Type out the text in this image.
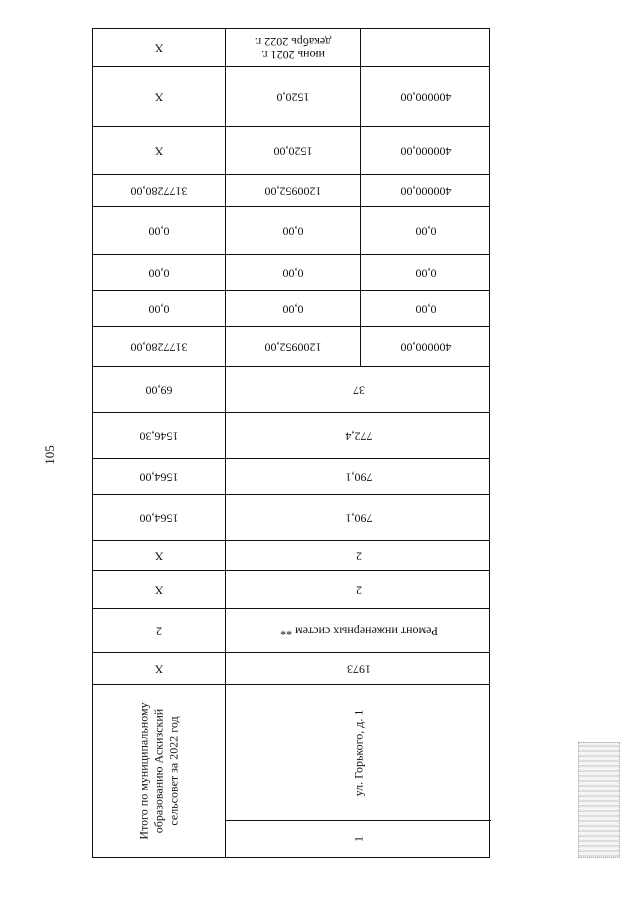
105
X	июнь 2021 г.
декабрь 2022 г.
X	1520,0	400000,00
X	1520,00	400000,00
3177280,00	1200952,00	400000,00
0,00	0,00	0,00
0,00	0,00	0,00
0,00	0,00	0,00
3177280,00	1200952,00	400000,00
69,00	37
1546,30	772,4
1564,00	790,1
1564,00	790,1
X	2
X	2
2	Ремонт инженерных систем **
X	1973
Итого по муниципальному образованию Аскизский сельсовет за 2022 год	ул. Горького, д. 1
1
